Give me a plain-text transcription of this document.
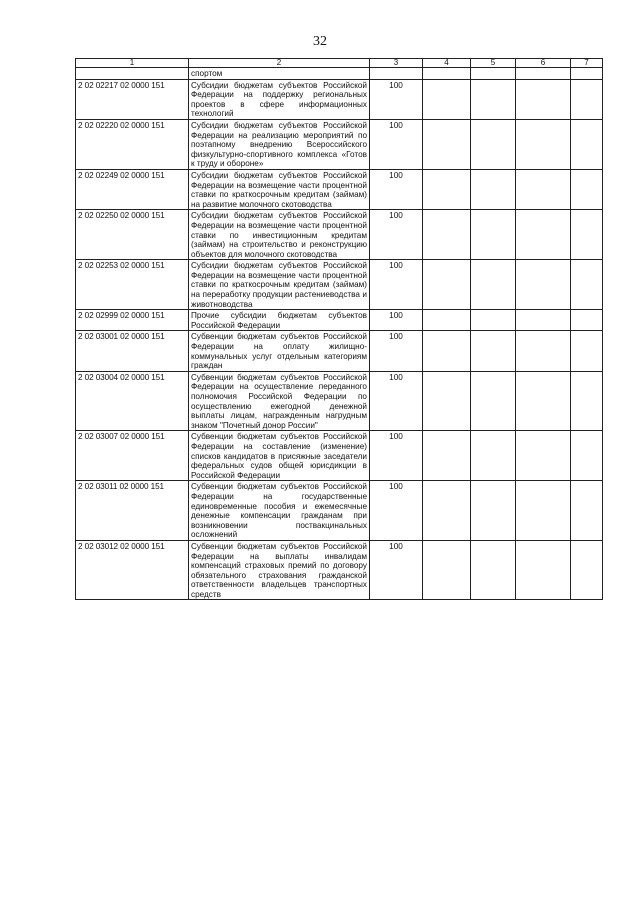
32
1	2	3	4	5	6	7
	спортом					
2 02 02217 02 0000 151	Субсидии бюджетам субъектов Российской Федерации на поддержку региональных проектов в сфере информационных технологий	100				
2 02 02220 02 0000 151	Субсидии бюджетам субъектов Российской Федерации на реализацию мероприятий по поэтапному внедрению Всероссийского физкультурно-спортивного комплекса «Готов к труду и обороне»	100				
2 02 02249 02 0000 151	Субсидии бюджетам субъектов Российской Федерации на возмещение части процентной ставки по краткосрочным кредитам (займам) на развитие молочного скотоводства	100				
2 02 02250 02 0000 151	Субсидии бюджетам субъектов Российской Федерации на возмещение части процентной ставки по инвестиционным кредитам (займам) на строительство и реконструкцию объектов для молочного скотоводства	100				
2 02 02253 02 0000 151	Субсидии бюджетам субъектов Российской Федерации на возмещение части процентной ставки по краткосрочным кредитам (займам) на переработку продукции растениеводства и животноводства	100				
2 02 02999 02 0000 151	Прочие субсидии бюджетам субъектов Российской Федерации	100				
2 02 03001 02 0000 151	Субвенции бюджетам субъектов Российской Федерации на оплату жилищно-коммунальных услуг отдельным категориям граждан	100				
2 02 03004 02 0000 151	Субвенции бюджетам субъектов Российской Федерации на осуществление переданного полномочия Российской Федерации по осуществлению ежегодной денежной выплаты лицам, награжденным нагрудным знаком "Почетный донор России"	100				
2 02 03007 02 0000 151	Субвенции бюджетам субъектов Российской Федерации на составление (изменение) списков кандидатов в присяжные заседатели федеральных судов общей юрисдикции в Российской Федерации	100				
2 02 03011 02 0000 151	Субвенции бюджетам субъектов Российской Федерации на государственные единовременные пособия и ежемесячные денежные компенсации гражданам при возникновении поствакцинальных осложнений	100				
2 02 03012 02 0000 151	Субвенции бюджетам субъектов Российской Федерации на выплаты инвалидам компенсаций страховых премий по договору обязательного страхования гражданской ответственности владельцев транспортных средств	100				
